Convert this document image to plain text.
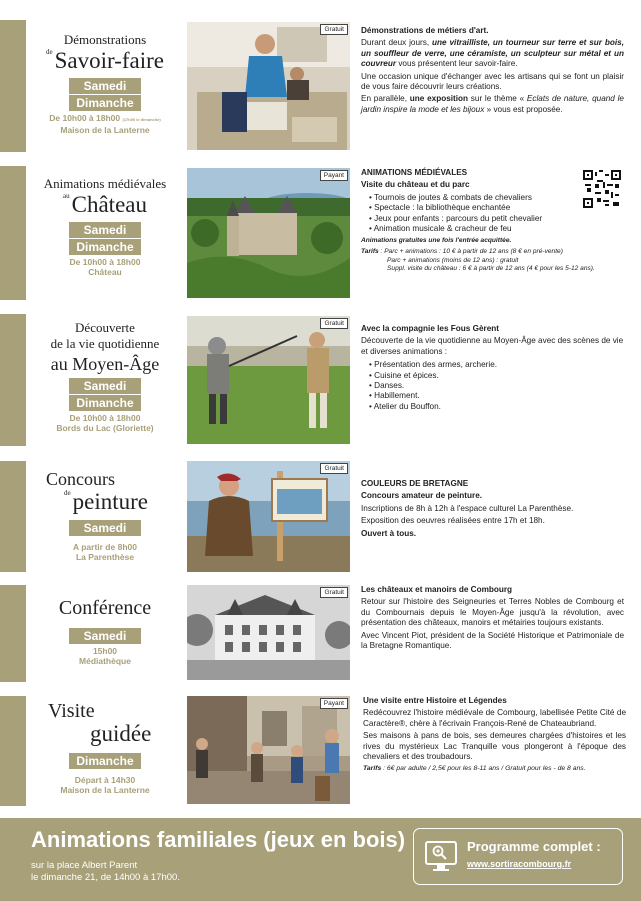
Démonstrations
$^{de}$Savoir-faire
Samedi
Dimanche
De 10h00 à 18h00 (17h00 le dimanche)
Maison de la Lanterne
Gratuit	Démonstrations de métiers d'art.

Durant deux jours, une vitrailliste, un tourneur sur terre et sur bois, un souffleur de verre, une céramiste, un sculpteur sur métal et un couvreur vous présentent leur savoir-faire.

Une occasion unique d'échanger avec les artisans qui se font un plaisir de vous faire découvrir leurs créations.

En parallèle, une exposition sur le thème « Eclats de nature, quand le jardin inspire la mode et les bijoux » vous est proposée.

Animations médiévales
$^{au}$Château
Samedi
Dimanche
De 10h00 à 18h00
Château
Payant	ANIMATIONS MÉDIÉVALES
Visite du château et du parc
• Tournois de joutes & combats de chevaliers
• Spectacle : la bibliothèque enchantée
• Jeux pour enfants : parcours du petit chevalier
• Animation musicale & cracheur de feu

Animations gratuites une fois l'entrée acquittée.

Tarifs : Parc + animations : 10 € à partir de 12 ans (8 € en pré-vente)
Parc + animations (moins de 12 ans) : gratuit
Suppl. visite du château : 6 € à partir de 12 ans (4 € pour les 5-12 ans).
Découverte
de la vie quotidienne
au Moyen-Âge
Samedi
Dimanche
De 10h00 à 18h00
Bords du Lac (Gloriette)
Gratuit
Avec la compagnie les Fous Gèrent

Découverte de la vie quotidienne au Moyen-Âge avec des scènes de vie et diverses animations :

• Présentation des armes, archerie.
• Cuisine et épices.
• Danses.
• Habillement.
• Atelier du Bouffon.
Concours
$^{de}$peinture
Samedi
A partir de 8h00
La Parenthèse
Gratuit
COULEURS DE BRETAGNE
Concours amateur de peinture.

Inscriptions de 8h à 12h à l'espace culturel La Parenthèse.

Exposition des oeuvres réalisées entre 17h et 18h.

Ouvert à tous.

Conférence
Samedi
15h00
Médiathèque
Gratuit	Les châteaux et manoirs de Combourg

Retour sur l'histoire des Seigneuries et Terres Nobles de Combourg et du Combournais depuis le Moyen-Âge jusqu'à la révolution, avec présentation des châteaux, manoirs et métairies toujours existants.

Avec Vincent Piot, président de la Société Historique et Patrimoniale de la Bretagne Romantique.

Visite
guidée
Dimanche
Départ à 14h30
Maison de la Lanterne
Payant	Une visite entre Histoire et Légendes

Redécouvrez l'histoire médiévale de Combourg, labellisée Petite Cité de Caractère®, chère à l'écrivain François-René de Chateaubriand.

Ses maisons à pans de bois, ses demeures chargées d'histoires et les rives du mystérieux Lac Tranquille vous plongeront à l'époque des chevaliers et des troubadours.

Tarifs : 6€ par adulte / 2,5€ pour les 8-11 ans / Gratuit pour les - de 8 ans.

Animations familiales (jeux en bois)
sur la place Albert Parent
le dimanche 21, de 14h00 à 17h00.
Programme complet :
www.sortiracombourg.fr
